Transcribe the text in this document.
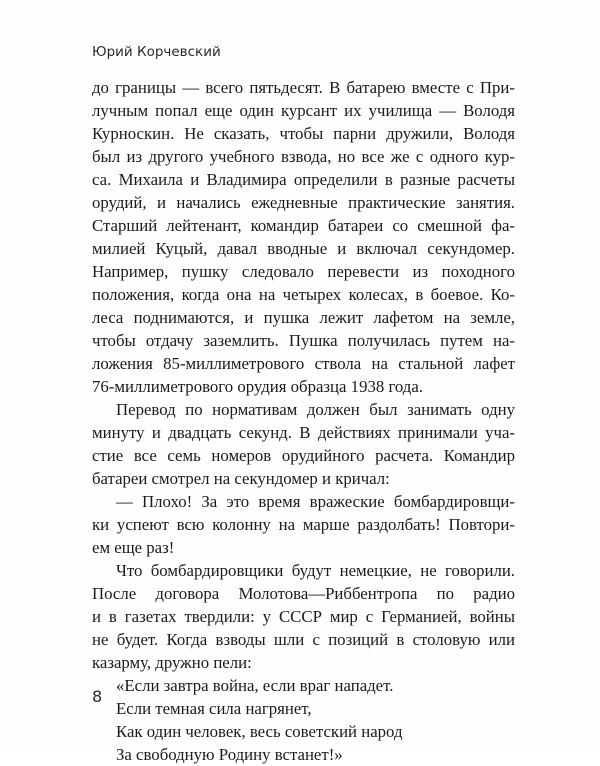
Юрий Корчевский

до границы — всего пятьдесят. В батарею вместе с При-
лучным попал еще один курсант их училища — Володя
Курноскин. Не сказать, чтобы парни дружили, Володя
был из другого учебного взвода, но все же с одного кур-
са. Михаила и Владимира определили в разные расчеты
орудий, и начались ежедневные практические занятия.
Старший лейтенант, командир батареи со смешной фа-
милией Куцый, давал вводные и включал секундомер.
Например, пушку следовало перевести из походного
положения, когда она на четырех колесах, в боевое. Ко-
леса поднимаются, и пушка лежит лафетом на земле,
чтобы отдачу заземлить. Пушка получилась путем на-
ложения 85-миллиметрового ствола на стальной лафет
76-миллиметрового орудия образца 1938 года.
Перевод по нормативам должен был занимать одну
минуту и двадцать секунд. В действиях принимали уча-
стие все семь номеров орудийного расчета. Командир
батареи смотрел на секундомер и кричал:
— Плохо! За это время вражеские бомбардировщи-
ки успеют всю колонну на марше раздолбать! Повтори-
ем еще раз!
Что бомбардировщики будут немецкие, не говорили.
После договора Молотова—Риббентропа по радио
и в газетах твердили: у СССР мир с Германией, войны
не будет. Когда взводы шли с позиций в столовую или
казарму, дружно пели:
«Если завтра война, если враг нападет.
Если темная сила нагрянет,
Как один человек, весь советский народ
За свободную Родину встанет!»

8
